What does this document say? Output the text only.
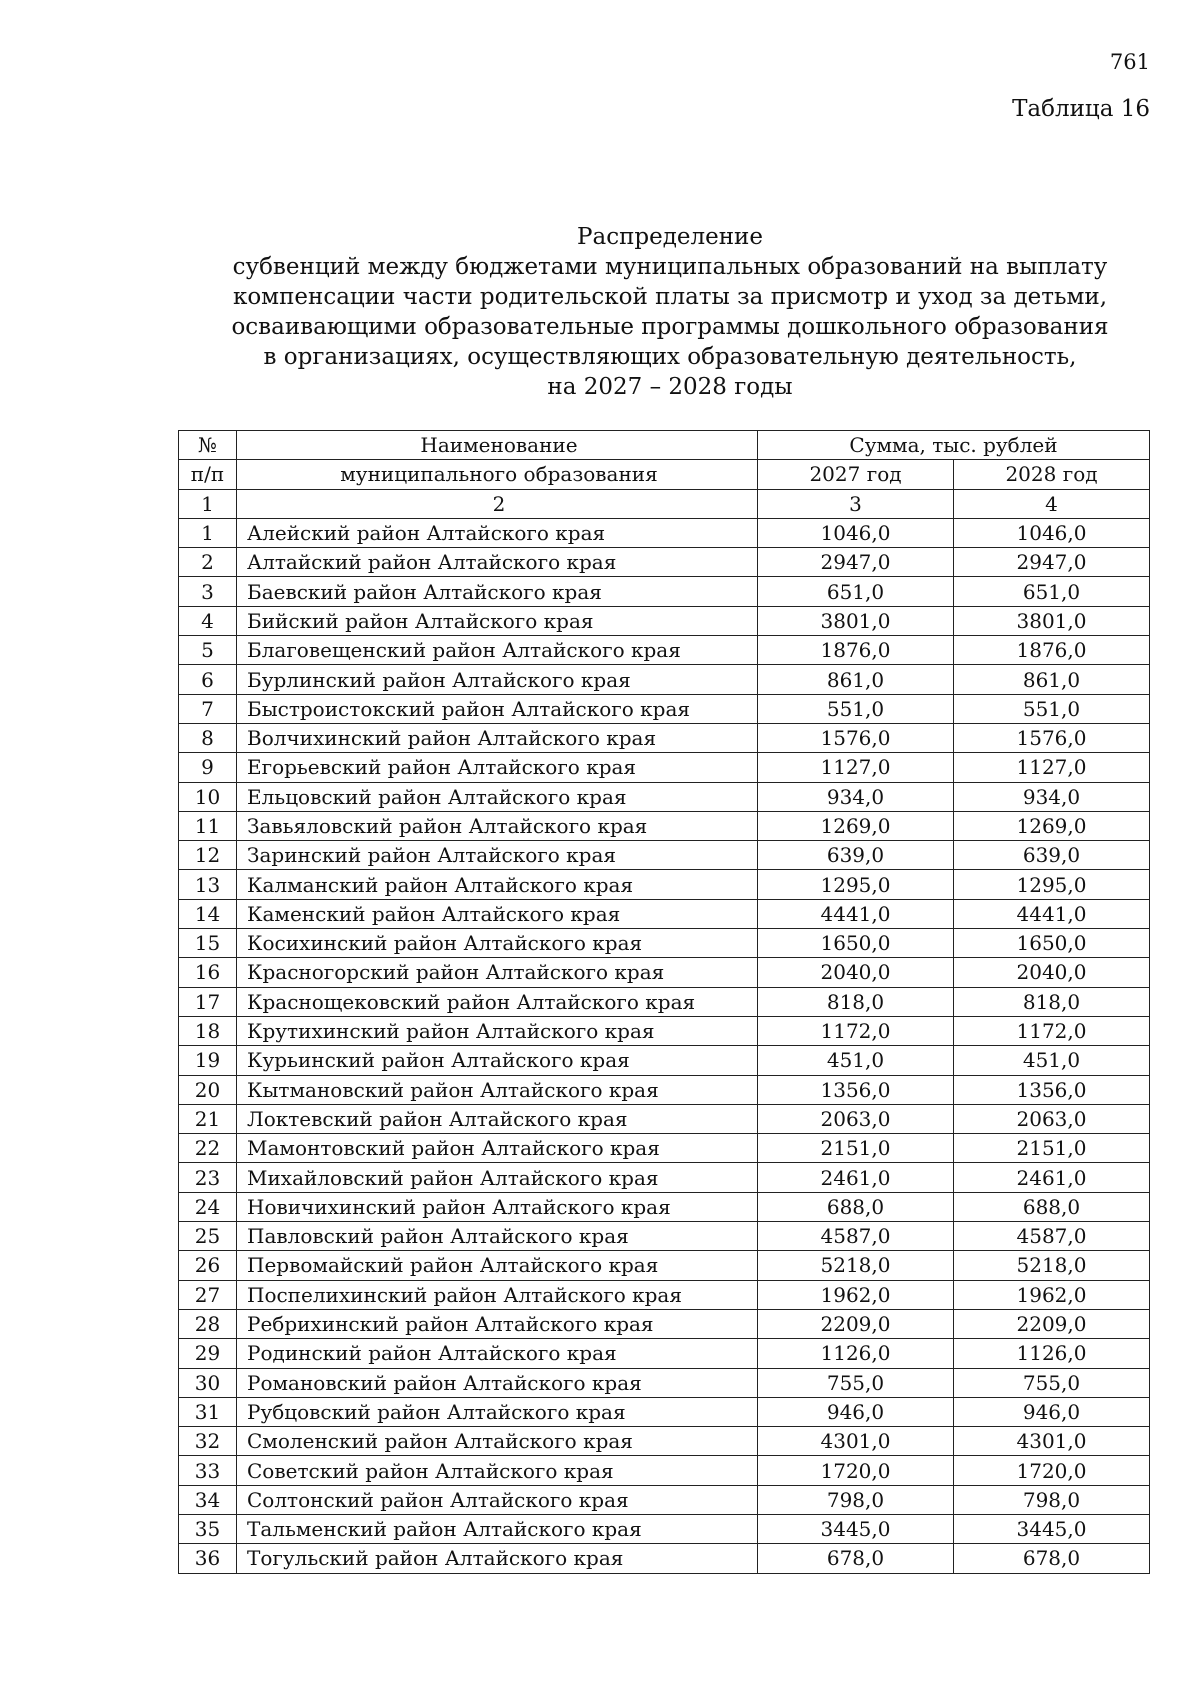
761
Таблица 16
Распределение
субвенций между бюджетами муниципальных образований на выплату
компенсации части родительской платы за присмотр и уход за детьми,
осваивающими образовательные программы дошкольного образования
в организациях, осуществляющих образовательную деятельность,
на 2027 – 2028 годы
№	Наименование	Сумма, тыс. рублей	
п/п	муниципального образования	2027 год	2028 год
1	2	3	4
1	Алейский район Алтайского края	1046,0	1046,0
2	Алтайский район Алтайского края	2947,0	2947,0
3	Баевский район Алтайского края	651,0	651,0
4	Бийский район Алтайского края	3801,0	3801,0
5	Благовещенский район Алтайского края	1876,0	1876,0
6	Бурлинский район Алтайского края	861,0	861,0
7	Быстроистокский район Алтайского края	551,0	551,0
8	Волчихинский район Алтайского края	1576,0	1576,0
9	Егорьевский район Алтайского края	1127,0	1127,0
10	Ельцовский район Алтайского края	934,0	934,0
11	Завьяловский район Алтайского края	1269,0	1269,0
12	Заринский район Алтайского края	639,0	639,0
13	Калманский район Алтайского края	1295,0	1295,0
14	Каменский район Алтайского края	4441,0	4441,0
15	Косихинский район Алтайского края	1650,0	1650,0
16	Красногорский район Алтайского края	2040,0	2040,0
17	Краснощековский район Алтайского края	818,0	818,0
18	Крутихинский район Алтайского края	1172,0	1172,0
19	Курьинский район Алтайского края	451,0	451,0
20	Кытмановский район Алтайского края	1356,0	1356,0
21	Локтевский район Алтайского края	2063,0	2063,0
22	Мамонтовский район Алтайского края	2151,0	2151,0
23	Михайловский район Алтайского края	2461,0	2461,0
24	Новичихинский район Алтайского края	688,0	688,0
25	Павловский район Алтайского края	4587,0	4587,0
26	Первомайский район Алтайского края	5218,0	5218,0
27	Поспелихинский район Алтайского края	1962,0	1962,0
28	Ребрихинский район Алтайского края	2209,0	2209,0
29	Родинский район Алтайского края	1126,0	1126,0
30	Романовский район Алтайского края	755,0	755,0
31	Рубцовский район Алтайского края	946,0	946,0
32	Смоленский район Алтайского края	4301,0	4301,0
33	Советский район Алтайского края	1720,0	1720,0
34	Солтонский район Алтайского края	798,0	798,0
35	Тальменский район Алтайского края	3445,0	3445,0
36	Тогульский район Алтайского края	678,0	678,0
